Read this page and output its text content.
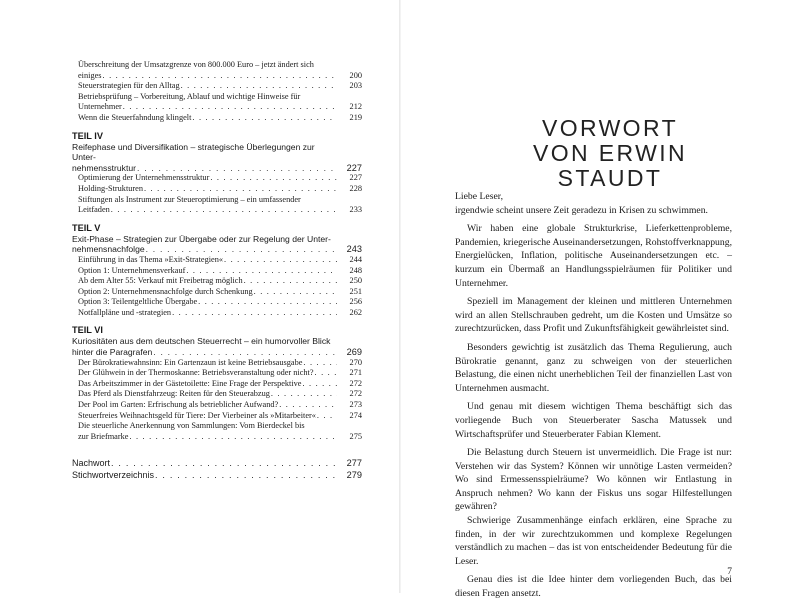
Überschreitung der Umsatzgrenze von 800.000 Euro – jetzt ändert sich
einiges . . .	200
Steuerstrategien für den Alltag . . .	203
Betriebsprüfung – Vorbereitung, Ablauf und wichtige Hinweise für
Unternehmer . . .	212
Wenn die Steuerfahndung klingelt . . .	219
TEIL IV
Reifephase und Diversifikation – strategische Überlegungen zur Unter-
nehmensstruktur . . .	227
Optimierung der Unternehmensstruktur . . .	227
Holding-Strukturen . . .	228
Stiftungen als Instrument zur Steueroptimierung – ein umfassender
Leitfaden . . .	233
TEIL V
Exit-Phase – Strategien zur Übergabe oder zur Regelung der Unter-
nehmensnachfolge . . .	243
Einführung in das Thema »Exit-Strategien« . . .	244
Option 1: Unternehmensverkauf . . .	248
Ab dem Alter 55: Verkauf mit Freibetrag möglich . . .	250
Option 2: Unternehmensnachfolge durch Schenkung . . .	251
Option 3: Teilentgeltliche Übergabe . . .	256
Notfallpläne und -strategien . . .	262
TEIL VI
Kuriositäten aus dem deutschen Steuerrecht – ein humorvoller Blick
hinter die Paragrafen . . .	269
Der Bürokratiewahnsinn: Ein Gartenzaun ist keine Betriebsausgabe . . .	270
Der Glühwein in der Thermoskanne: Betriebsveranstaltung oder nicht? . . .	271
Das Arbeitszimmer in der Gästetoilette: Eine Frage der Perspektive . . .	272
Das Pferd als Dienstfahrzeug: Reiten für den Steuerabzug . . .	272
Der Pool im Garten: Erfrischung als betrieblicher Aufwand? . . .	273
Steuerfreies Weihnachtsgeld für Tiere: Der Vierbeiner als »Mitarbeiter« . . .	274
Die steuerliche Anerkennung von Sammlungen: Vom Bierdeckel bis
zur Briefmarke . . .	275
Nachwort . . .	277
Stichwortverzeichnis . . .	279
VORWORT
VON ERWIN STAUDT

Liebe Leser,

irgendwie scheint unsere Zeit geradezu in Krisen zu schwimmen.

Wir haben eine globale Strukturkrise, Lieferkettenprobleme, Pandemien, kriegerische Auseinandersetzungen, Rohstoffverknappung, Energielücken, Inflation, politische Auseinandersetzungen etc. – kurzum ein Übermaß an Handlungsspielräumen für Politiker und Unternehmer.

Speziell im Management der kleinen und mittleren Unternehmen wird an allen Stellschrauben gedreht, um die Kosten und Umsätze so zurechtzurücken, dass Profit und Zukunftsfähigkeit gewährleistet sind.

Besonders gewichtig ist zusätzlich das Thema Regulierung, auch Bürokratie genannt, ganz zu schweigen von der steuerlichen Belastung, die einen nicht unerheblichen Teil der finanziellen Last von Unternehmen ausmacht.

Und genau mit diesem wichtigen Thema beschäftigt sich das vorliegende Buch von Steuerberater Sascha Matussek und Wirtschaftsprüfer und Steuerberater Fabian Klement.

Die Belastung durch Steuern ist unvermeidlich. Die Frage ist nur: Verstehen wir das System? Können wir unnötige Lasten vermeiden? Wo sind Ermessensspielräume? Wo können wir Entlastung in Anspruch nehmen? Wo kann der Fiskus uns sogar Hilfestellungen gewähren?

Schwierige Zusammenhänge einfach erklären, eine Sprache zu finden, in der wir zurechtzukommen und komplexe Regelungen verständlich zu machen – das ist von entscheidender Bedeutung für die Leser.

Genau dies ist die Idee hinter dem vorliegenden Buch, das bei diesen Fragen ansetzt.

7
